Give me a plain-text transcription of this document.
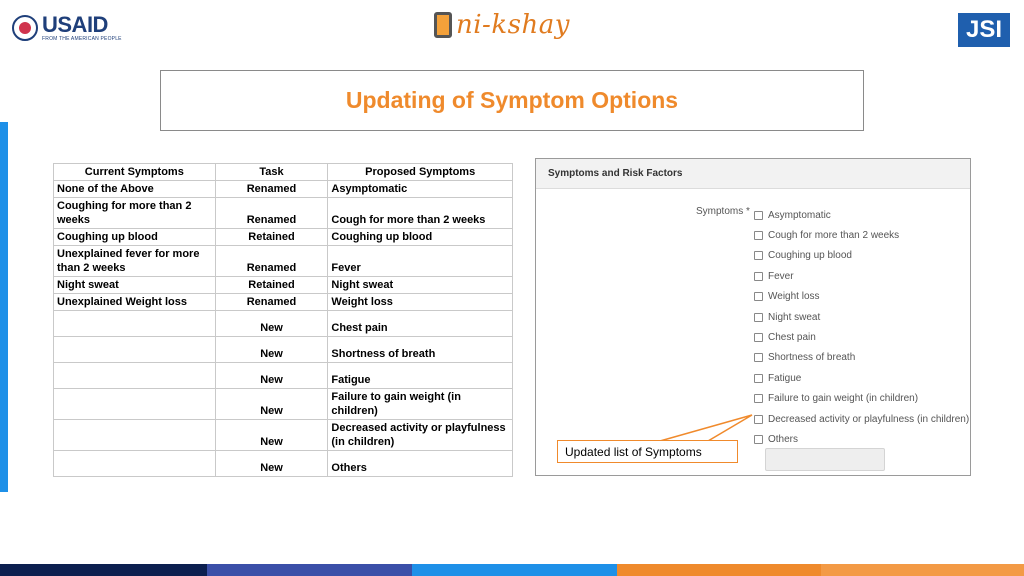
USAID
FROM THE AMERICAN PEOPLE	ni-kshay	JSI
Updating of Symptom Options
Current Symptoms	Task	Proposed Symptoms
None of the Above	Renamed	Asymptomatic
Coughing for more than 2 weeks	Renamed	Cough for more than 2 weeks
Coughing up blood	Retained	Coughing up blood
Unexplained fever for more than 2 weeks	Renamed	Fever
Night sweat	Retained	Night sweat
Unexplained Weight loss	Renamed	Weight loss
	New	Chest pain
	New	Shortness of breath
	New	Fatigue
	New	Failure to gain weight (in children)
	New	Decreased activity or playfulness (in children)
	New	Others
Symptoms and Risk Factors
Symptoms * Asymptomatic
Cough for more than 2 weeks
Coughing up blood
Fever
Weight loss
Night sweat
Chest pain
Shortness of breath
Fatigue
Failure to gain weight (in children)
Decreased activity or playfulness (in children)
Others
Updated list of Symptoms
